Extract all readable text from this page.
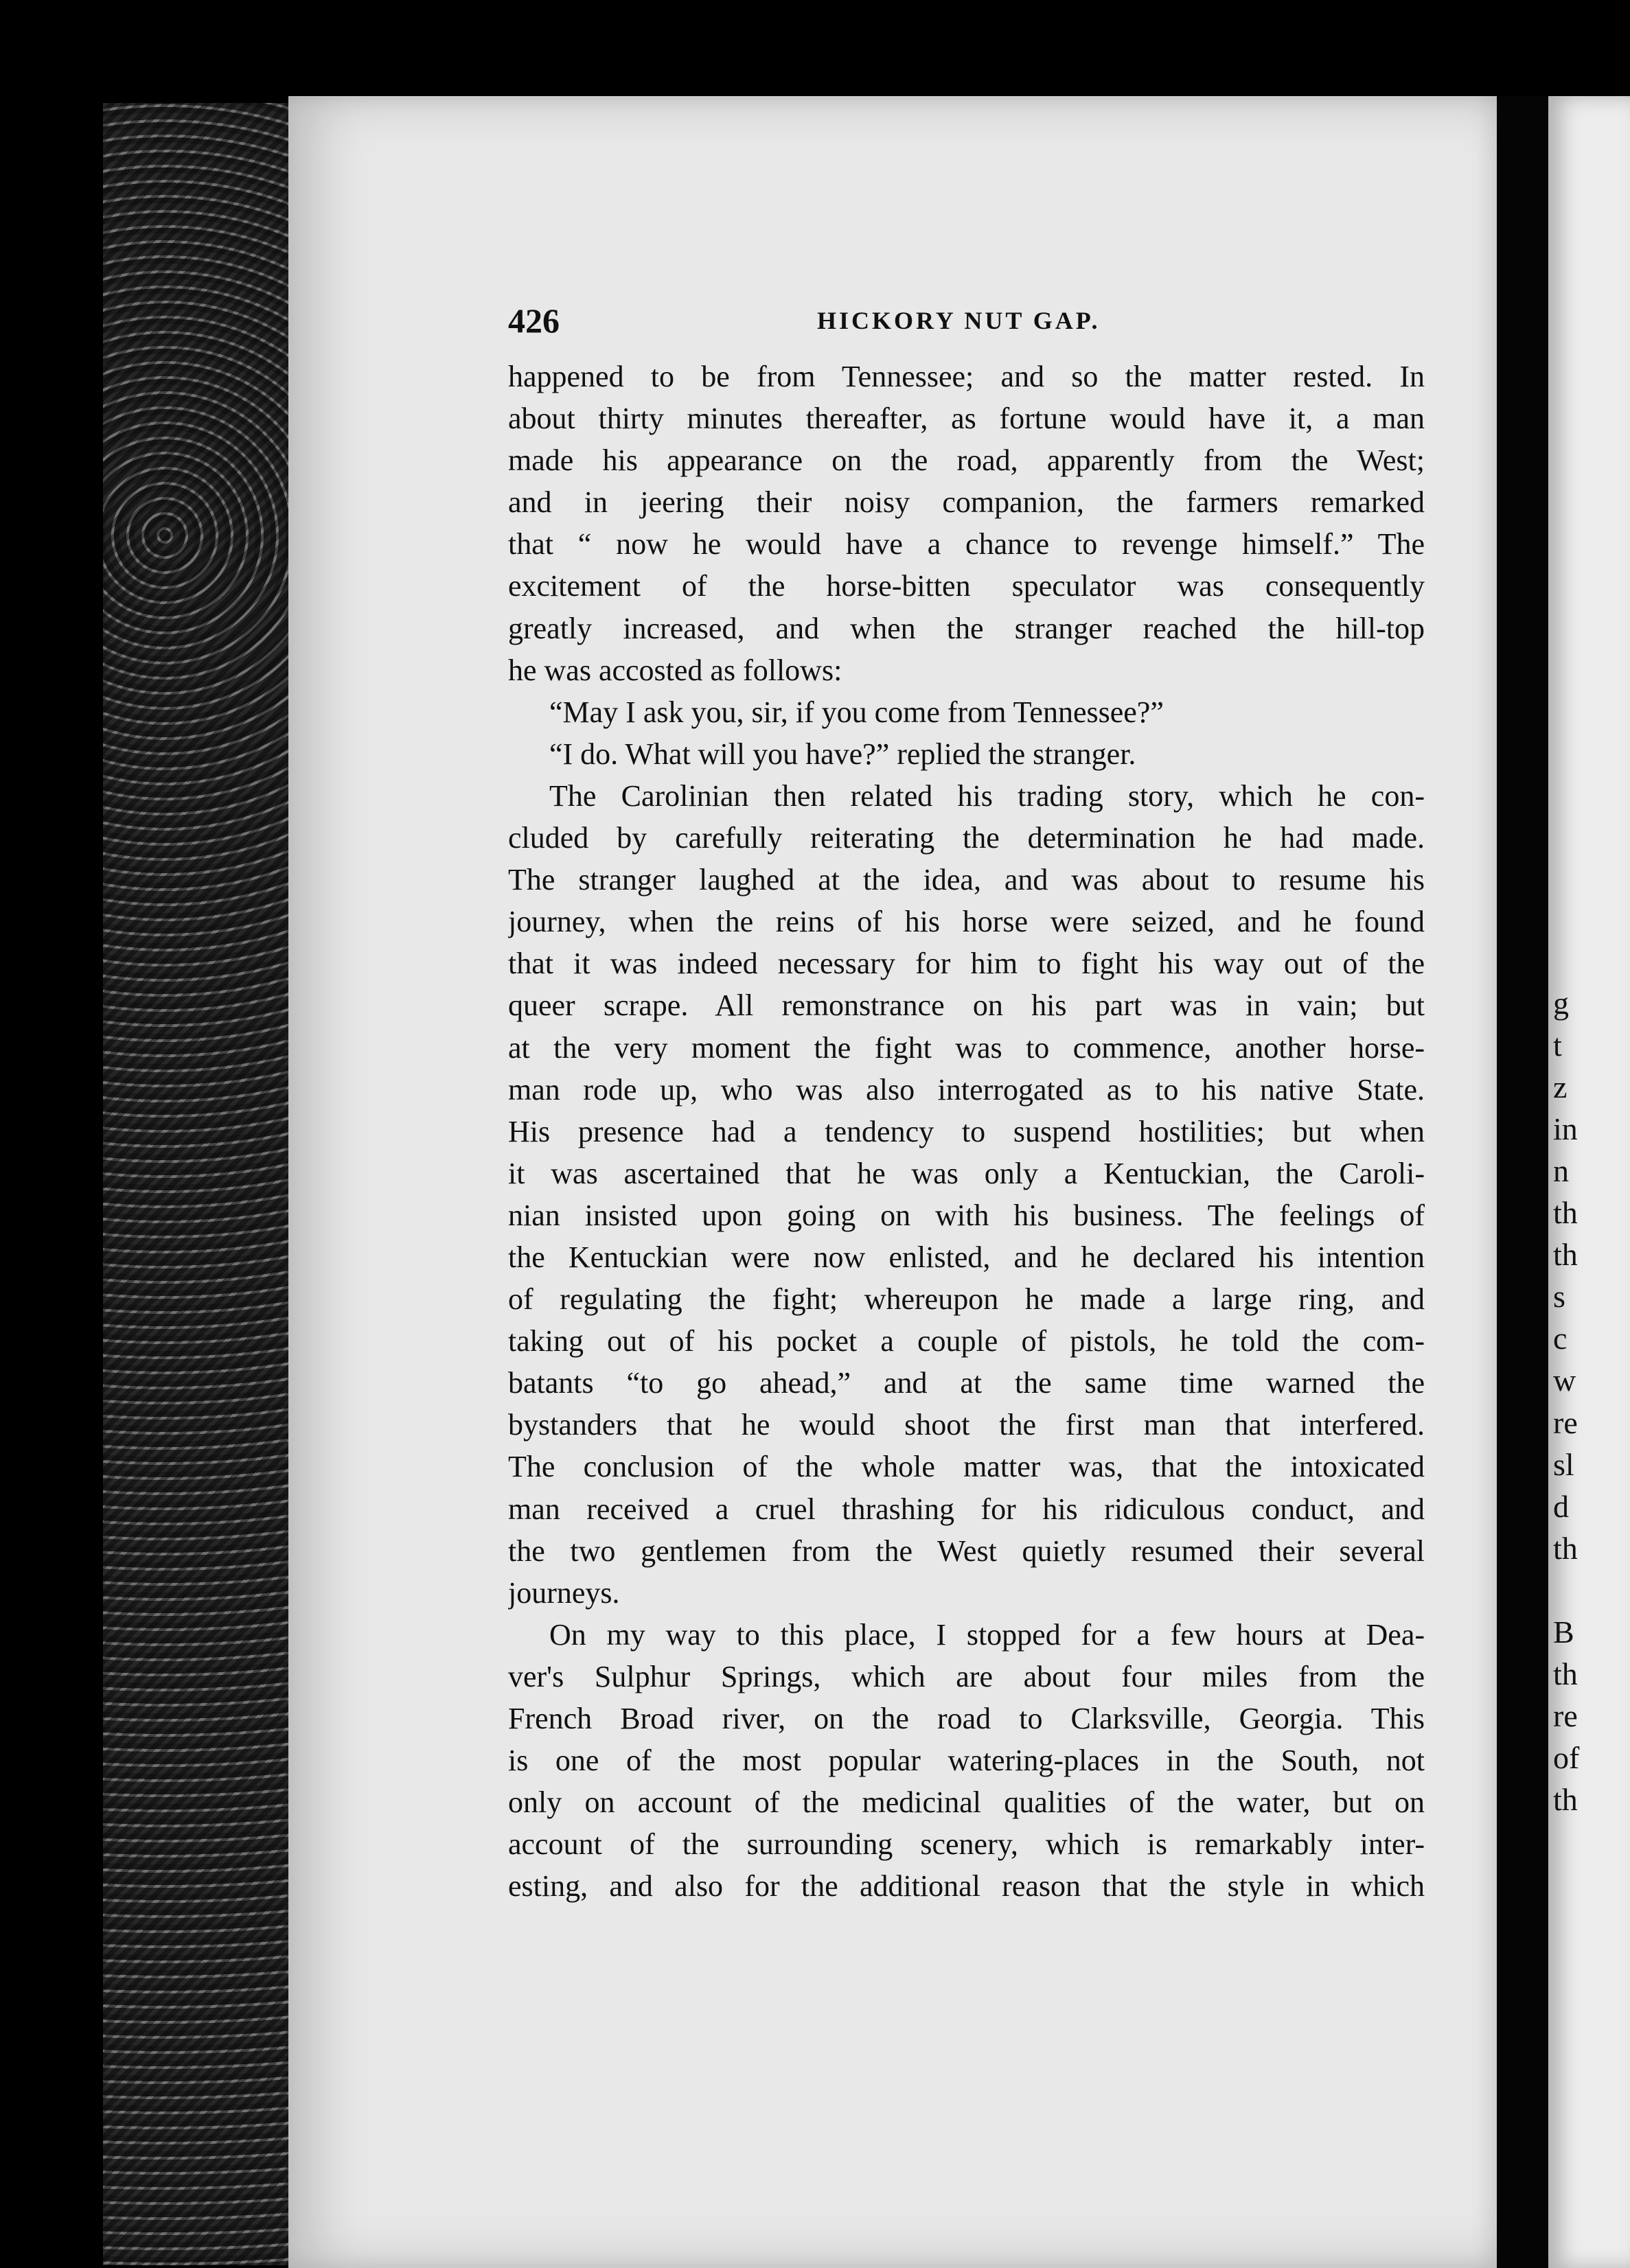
g
t
z
in
n
th
th
s
c
w
re
sl
d
th
B
th
re
of
th
426	HICKORY NUT GAP.
happened to be from Tennessee; and so the matter rested. In
about thirty minutes thereafter, as fortune would have it, a man
made his appearance on the road, apparently from the West;
and in jeering their noisy companion, the farmers remarked
that “ now he would have a chance to revenge himself.” The
excitement of the horse-bitten speculator was consequently
greatly increased, and when the stranger reached the hill-top
he was accosted as follows:
“May I ask you, sir, if you come from Tennessee?”
“I do. What will you have?” replied the stranger.
The Carolinian then related his trading story, which he con-
cluded by carefully reiterating the determination he had made.
The stranger laughed at the idea, and was about to resume his
journey, when the reins of his horse were seized, and he found
that it was indeed necessary for him to fight his way out of the
queer scrape. All remonstrance on his part was in vain; but
at the very moment the fight was to commence, another horse-
man rode up, who was also interrogated as to his native State.
His presence had a tendency to suspend hostilities; but when
it was ascertained that he was only a Kentuckian, the Caroli-
nian insisted upon going on with his business. The feelings of
the Kentuckian were now enlisted, and he declared his intention
of regulating the fight; whereupon he made a large ring, and
taking out of his pocket a couple of pistols, he told the com-
batants “to go ahead,” and at the same time warned the
bystanders that he would shoot the first man that interfered.
The conclusion of the whole matter was, that the intoxicated
man received a cruel thrashing for his ridiculous conduct, and
the two gentlemen from the West quietly resumed their several
journeys.
On my way to this place, I stopped for a few hours at Dea-
ver's Sulphur Springs, which are about four miles from the
French Broad river, on the road to Clarksville, Georgia. This
is one of the most popular watering-places in the South, not
only on account of the medicinal qualities of the water, but on
account of the surrounding scenery, which is remarkably inter-
esting, and also for the additional reason that the style in which
